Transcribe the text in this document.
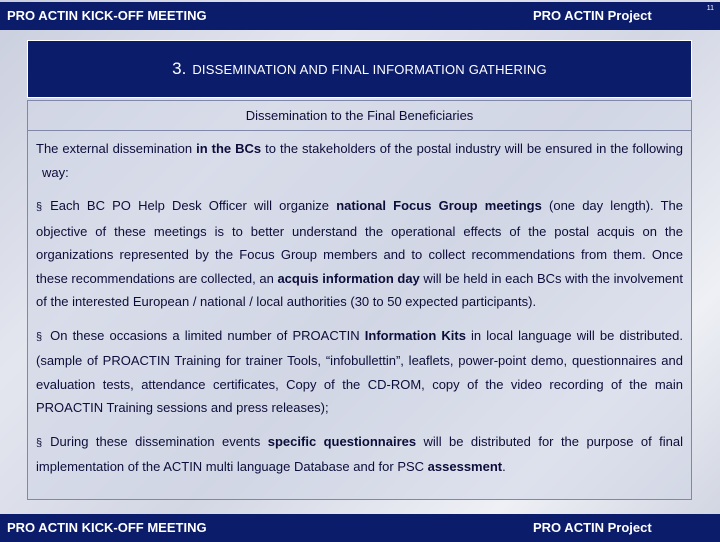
PRO ACTIN KICK-OFF MEETING	PRO ACTIN Project	11
3. DISSEMINATION AND FINAL INFORMATION GATHERING
Dissemination to the Final Beneficiaries

The external dissemination in the BCs to the stakeholders of the postal industry will be ensured in the following way:

§ Each BC PO Help Desk Officer will organize national Focus Group meetings (one day length). The objective of these meetings is to better understand the operational effects of the postal acquis on the organizations represented by the Focus Group members and to collect recommendations from them. Once these recommendations are collected, an acquis information day will be held in each BCs with the involvement of the interested European / national / local authorities (30 to 50 expected participants).

§ On these occasions a limited number of PROACTIN Information Kits in local language will be distributed. (sample of PROACTIN Training for trainer Tools, “infobullettin”, leaflets, power-point demo, questionnaires and evaluation tests, attendance certificates, Copy of the CD-ROM, copy of the video recording of the main PROACTIN Training sessions and press releases);

§ During these dissemination events specific questionnaires will be distributed for the purpose of final implementation of the ACTIN multi language Database and for PSC assessment.

PRO ACTIN KICK-OFF MEETING	PRO ACTIN Project
